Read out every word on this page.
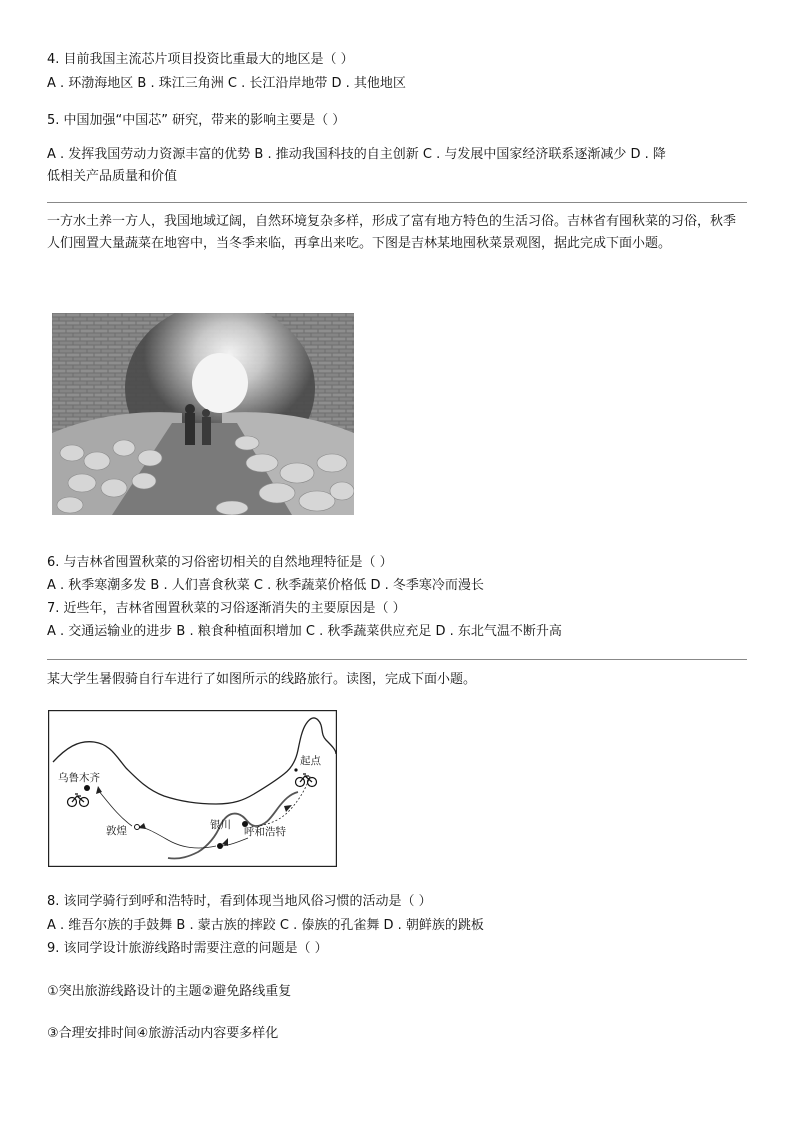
4. 目前我国主流芯片项目投资比重最大的地区是（ ）
A . 环渤海地区 B . 珠江三角洲 C . 长江沿岸地带 D . 其他地区
5. 中国加强“中国芯” 研究，带来的影响主要是（ ）
A . 发挥我国劳动力资源丰富的优势 B . 推动我国科技的自主创新 C . 与发展中国家经济联系逐渐减少 D . 降
低相关产品质量和价值
一方水土养一方人，我国地域辽阔，自然环境复杂多样，形成了富有地方特色的生活习俗。吉林省有囤秋菜的习俗，秋季人们囤置大量蔬菜在地窖中，当冬季来临，再拿出来吃。下图是吉林某地囤秋菜景观图，据此完成下面小题。
6. 与吉林省囤置秋菜的习俗密切相关的自然地理特征是（ ）
A . 秋季寒潮多发 B . 人们喜食秋菜 C . 秋季蔬菜价格低 D . 冬季寒冷而漫长
7. 近些年，吉林省囤置秋菜的习俗逐渐消失的主要原因是（ ）
A . 交通运输业的进步 B . 粮食种植面积增加 C . 秋季蔬菜供应充足 D . 东北气温不断升高
某大学生暑假骑自行车进行了如图所示的线路旅行。读图，完成下面小题。
乌鲁木齐
起点
敦煌	呼和浩特
银川
8. 该同学骑行到呼和浩特时，看到体现当地风俗习惯的活动是（ ）
A . 维吾尔族的手鼓舞 B . 蒙古族的摔跤 C . 傣族的孔雀舞 D . 朝鲜族的跳板
9. 该同学设计旅游线路时需要注意的问题是（ ）
①突出旅游线路设计的主题②避免路线重复
③合理安排时间④旅游活动内容要多样化
